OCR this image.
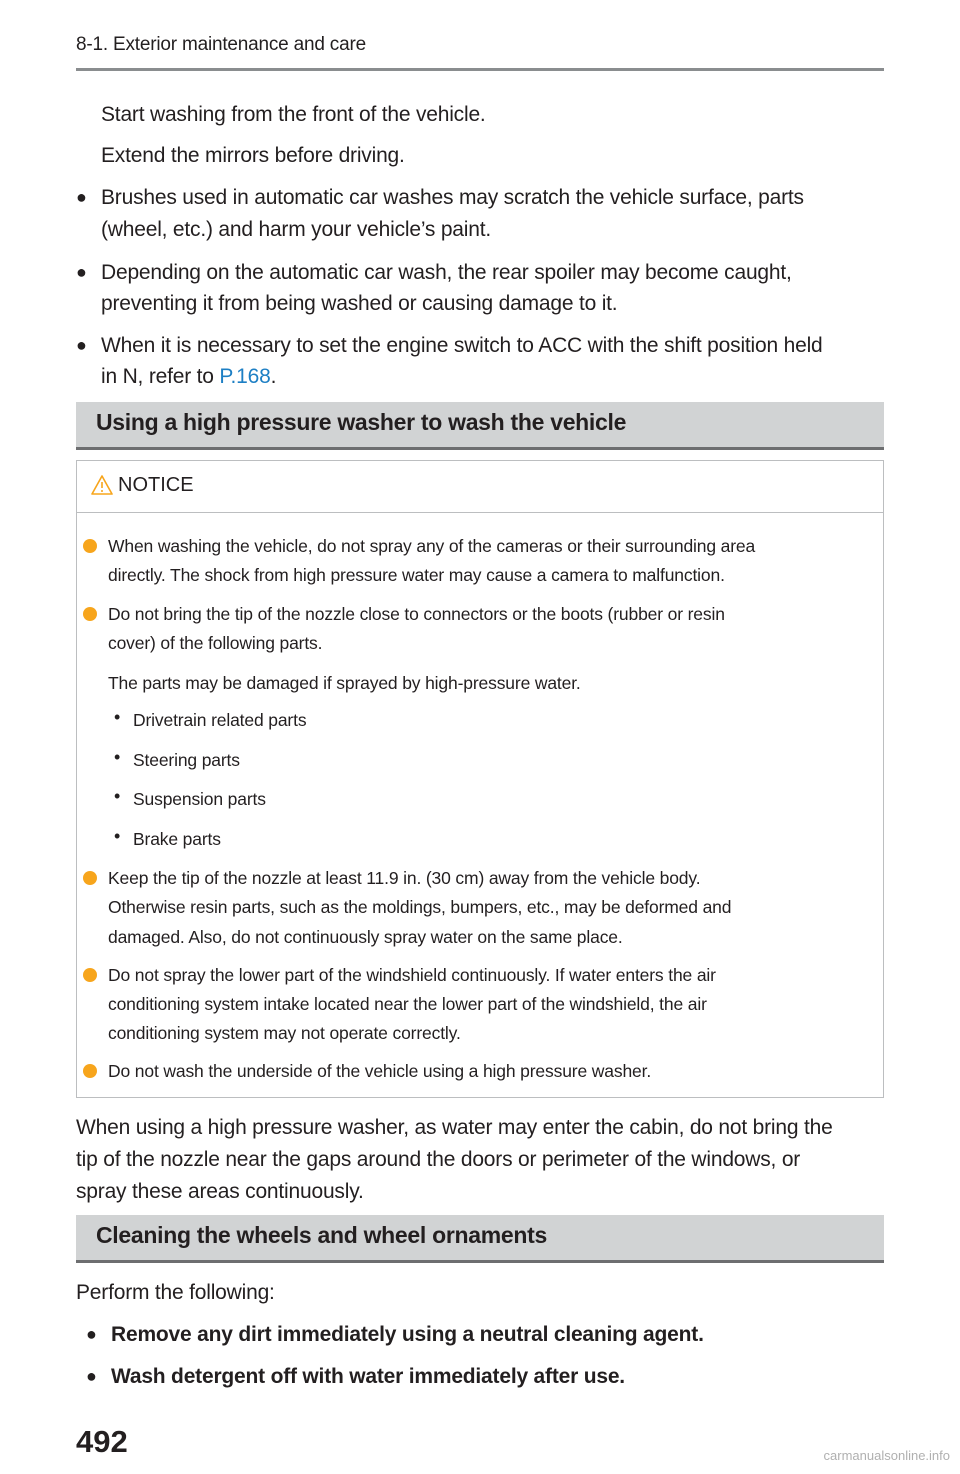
8-1. Exterior maintenance and care

Start washing from the front of the vehicle.

Extend the mirrors before driving.

● Brushes used in automatic car washes may scratch the vehicle surface, parts

(wheel, etc.) and harm your vehicle’s paint.

● Depending on the automatic car wash, the rear spoiler may become caught,

preventing it from being washed or causing damage to it.

● When it is necessary to set the engine switch to ACC with the shift position held

in N, refer to P.168.

Using a high pressure washer to wash the vehicle
NOTICE

When washing the vehicle, do not spray any of the cameras or their surrounding area

directly. The shock from high pressure water may cause a camera to malfunction.

Do not bring the tip of the nozzle close to connectors or the boots (rubber or resin

cover) of the following parts.

The parts may be damaged if sprayed by high-pressure water.

• Drivetrain related parts

• Steering parts

• Suspension parts

• Brake parts

Keep the tip of the nozzle at least 11.9 in. (30 cm) away from the vehicle body.

Otherwise resin parts, such as the moldings, bumpers, etc., may be deformed and

damaged. Also, do not continuously spray water on the same place.

Do not spray the lower part of the windshield continuously. If water enters the air

conditioning system intake located near the lower part of the windshield, the air

conditioning system may not operate correctly.

Do not wash the underside of the vehicle using a high pressure washer.

When using a high pressure washer, as water may enter the cabin, do not bring the

tip of the nozzle near the gaps around the doors or perimeter of the windows, or

spray these areas continuously.

Cleaning the wheels and wheel ornaments

Perform the following:

● Remove any dirt immediately using a neutral cleaning agent.

● Wash detergent off with water immediately after use.

492	carmanualsonline.info
